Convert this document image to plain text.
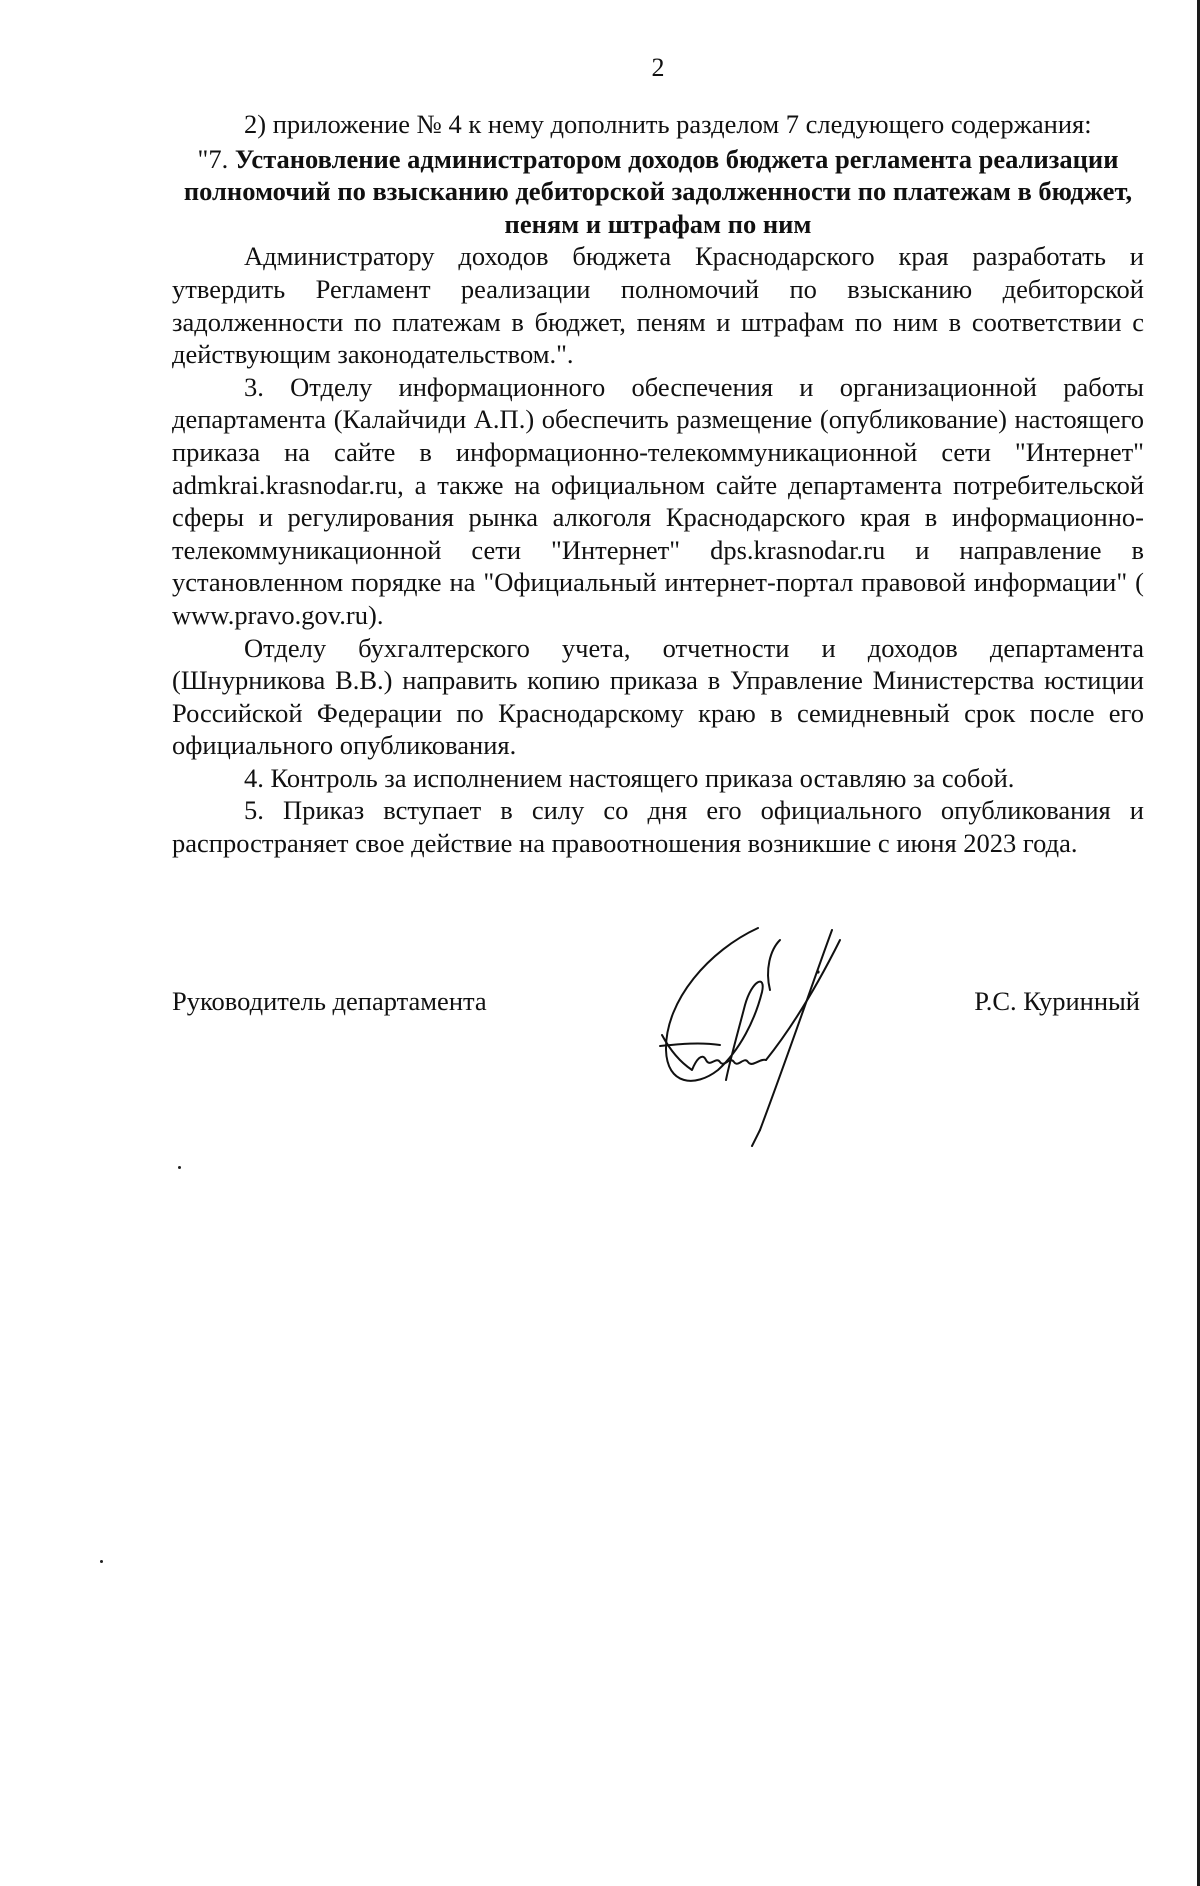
2

2) приложение № 4 к нему дополнить разделом 7 следующего содержания:

"7. Установление администратором доходов бюджета регламента реализации полномочий по взысканию дебиторской задолженности по платежам в бюджет, пеням и штрафам по ним

Администратору доходов бюджета Краснодарского края разработать и утвердить Регламент реализации полномочий по взысканию дебиторской задолженности по платежам в бюджет, пеням и штрафам по ним в соответствии с действующим законодательством.".

3. Отделу информационного обеспечения и организационной работы департамента (Калайчиди А.П.) обеспечить размещение (опубликование) настоящего приказа на сайте в информационно-телекоммуникационной сети "Интернет" admkrai.krasnodar.ru, а также на официальном сайте департамента потребительской сферы и регулирования рынка алкоголя Краснодарского края в информационно-телекоммуникационной сети "Интернет" dps.krasnodar.ru и направление в установленном порядке на "Официальный интернет-портал правовой информации" ( www.pravo.gov.ru).

Отделу бухгалтерского учета, отчетности и доходов департамента (Шнурникова В.В.) направить копию приказа в Управление Министерства юстиции Российской Федерации по Краснодарскому краю в семидневный срок после его официального опубликования.

4. Контроль за исполнением настоящего приказа оставляю за собой.

5. Приказ вступает в силу со дня его официального опубликования и распространяет свое действие на правоотношения возникшие с июня 2023 года.

Руководитель департамента	Р.С. Куринный
